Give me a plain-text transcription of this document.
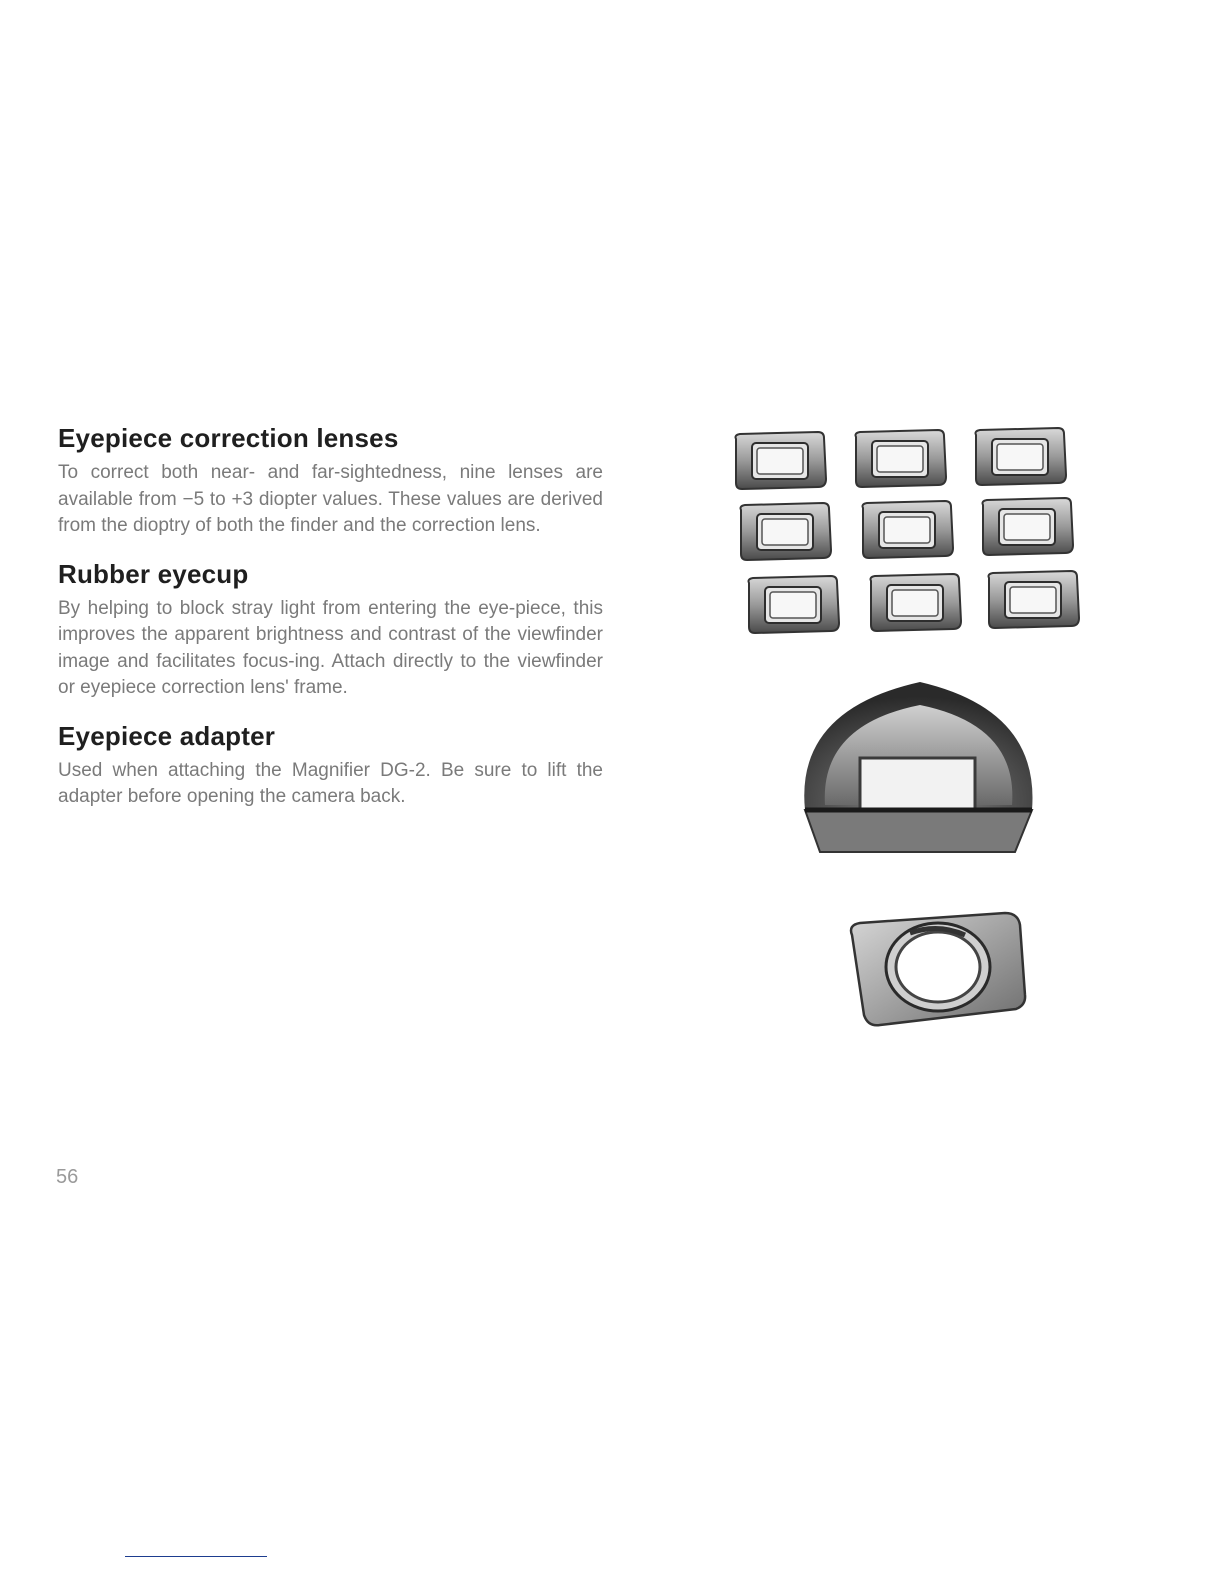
Eyepiece correction lenses

To correct both near- and far-sightedness, nine lenses are available from −5 to +3 diopter values. These values are derived from the dioptry of both the finder and the correction lens.

Rubber eyecup

By helping to block stray light from entering the eye-piece, this improves the apparent brightness and contrast of the viewfinder image and facilitates focus-ing. Attach directly to the viewfinder or eyepiece correction lens' frame.

Eyepiece adapter

Used when attaching the Magnifier DG-2. Be sure to lift the adapter before opening the camera back.

56
